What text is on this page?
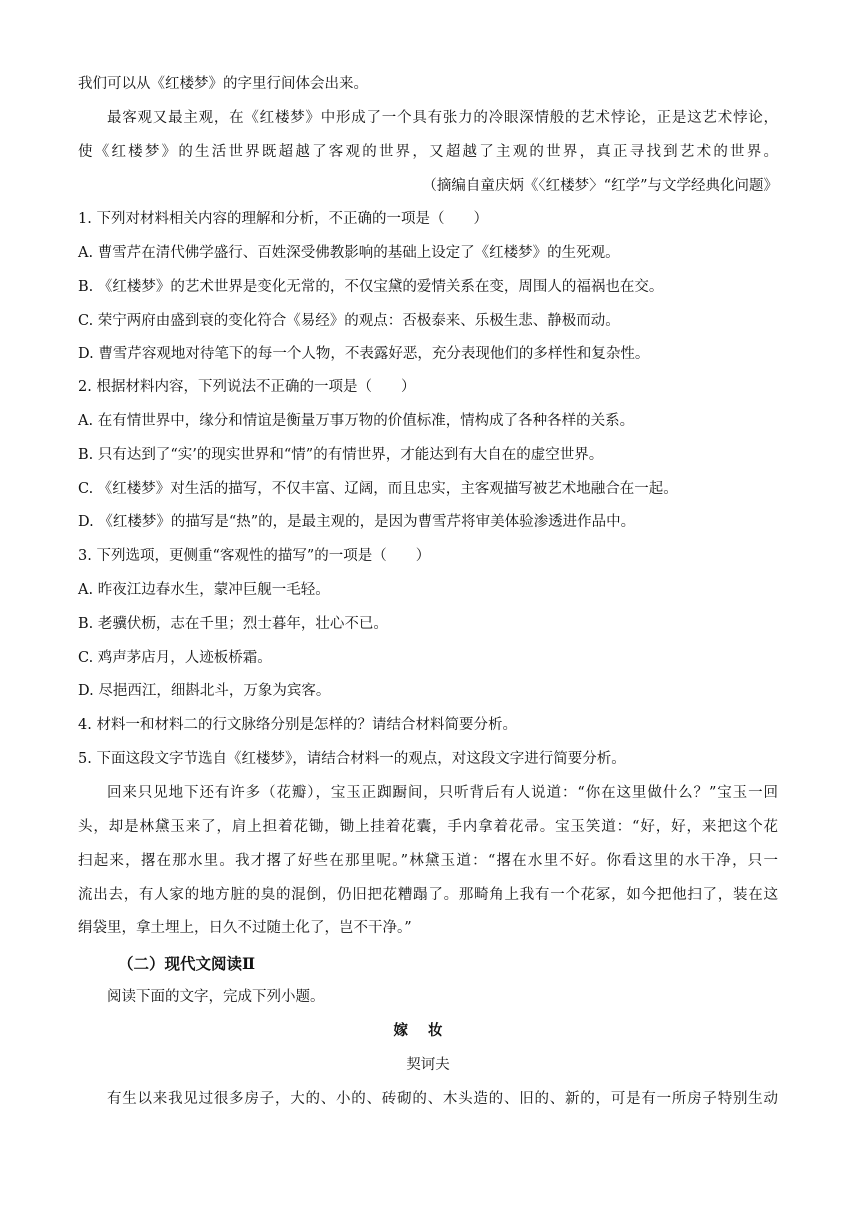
我们可以从《红楼梦》的字里行间体会出来。
最客观又最主观，在《红楼梦》中形成了一个具有张力的冷眼深情般的艺术悖论，正是这艺术悖论，
使《红楼梦》的生活世界既超越了客观的世界，又超越了主观的世界，真正寻找到艺术的世界。
（摘编自童庆炳《〈红楼梦〉“红学”与文学经典化问题》
1. 下列对材料相关内容的理解和分析，不正确的一项是（　　）
A. 曹雪芹在清代佛学盛行、百姓深受佛教影响的基础上设定了《红楼梦》的生死观。
B. 《红楼梦》的艺术世界是变化无常的，不仅宝黛的爱情关系在变，周围人的福祸也在交。
C. 荣宁两府由盛到衰的变化符合《易经》的观点：否极泰来、乐极生悲、静极而动。
D. 曹雪芹容观地对待笔下的每一个人物，不表露好恶，充分表现他们的多样性和复杂性。
2. 根据材料内容，下列说法不正确的一项是（　　）
A. 在有情世界中，缘分和情谊是衡量万事万物的价值标准，情构成了各种各样的关系。
B. 只有达到了“实’的现实世界和“情”的有情世界，才能达到有大自在的虚空世界。
C. 《红楼梦》对生活的描写，不仅丰富、辽阔，而且忠实，主客观描写被艺术地融合在一起。
D. 《红楼梦》的描写是“热”的，是最主观的，是因为曹雪芹将审美体验渗透进作品中。
3. 下列选项，更侧重“客观性的描写”的一项是（　　）
A. 昨夜江边春水生，蒙冲巨舰一毛轻。
B. 老骥伏枥，志在千里；烈士暮年，壮心不已。
C. 鸡声茅店月，人迹板桥霜。
D. 尽挹西江，细斟北斗，万象为宾客。
4. 材料一和材料二的行文脉络分别是怎样的？请结合材料简要分析。
5. 下面这段文字节选自《红楼梦》，请结合材料一的观点，对这段文字进行简要分析。
回来只见地下还有许多（花瓣），宝玉正踟蹰间，只听背后有人说道：“你在这里做什么？”宝玉一回
头，却是林黛玉来了，肩上担着花锄，锄上挂着花囊，手内拿着花帚。宝玉笑道：“好，好，来把这个花
扫起来，撂在那水里。我才撂了好些在那里呢。”林黛玉道：“撂在水里不好。你看这里的水干净，只一
流出去，有人家的地方脏的臭的混倒，仍旧把花糟蹋了。那畸角上我有一个花冢，如今把他扫了，装在这
绢袋里，拿土埋上，日久不过随土化了，岂不干净。”
（二）现代文阅读Ⅱ
阅读下面的文字，完成下列小题。
嫁妆
契诃夫
有生以来我见过很多房子，大的、小的、砖砌的、木头造的、旧的、新的，可是有一所房子特别生动
